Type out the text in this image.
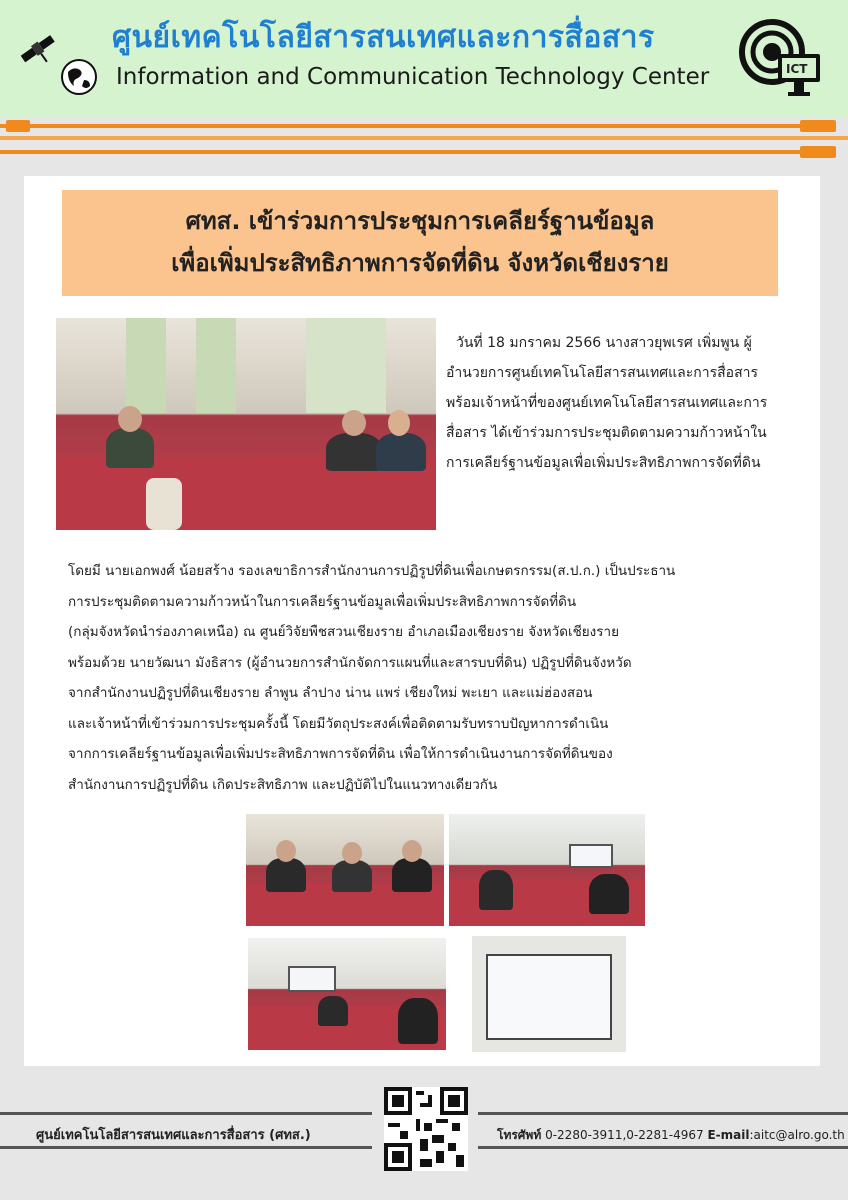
ศูนย์เทคโนโลยีสารสนเทศและการสื่อสาร
Information and Communication Technology Center	ICT
ศทส. เข้าร่วมการประชุมการเคลียร์ฐานข้อมูล
เพื่อเพิ่มประสิทธิภาพการจัดที่ดิน จังหวัดเชียงราย
วันที่ 18 มกราคม 2566 นางสาวยุพเรศ เพิ่มพูน ผู้อำนวยการศูนย์เทคโนโลยีสารสนเทศและการสื่อสาร พร้อมเจ้าหน้าที่ของศูนย์เทคโนโลยีสารสนเทศและการสื่อสาร ได้เข้าร่วมการประชุมติดตามความก้าวหน้าในการเคลียร์ฐานข้อมูลเพื่อเพิ่มประสิทธิภาพการจัดที่ดิน
โดยมี นายเอกพงศ์ น้อยสร้าง รองเลขาธิการสำนักงานการปฏิรูปที่ดินเพื่อเกษตรกรรม(ส.ป.ก.) เป็นประธาน
การประชุมติดตามความก้าวหน้าในการเคลียร์ฐานข้อมูลเพื่อเพิ่มประสิทธิภาพการจัดที่ดิน
(กลุ่มจังหวัดนำร่องภาคเหนือ) ณ ศูนย์วิจัยพืชสวนเชียงราย อำเภอเมืองเชียงราย จังหวัดเชียงราย
พร้อมด้วย นายวัฒนา มังธิสาร (ผู้อำนวยการสำนักจัดการแผนที่และสารบบที่ดิน) ปฏิรูปที่ดินจังหวัด
จากสำนักงานปฏิรูปที่ดินเชียงราย ลำพูน ลำปาง น่าน แพร่ เชียงใหม่ พะเยา และแม่ฮ่องสอน
และเจ้าหน้าที่เข้าร่วมการประชุมครั้งนี้ โดยมีวัตถุประสงค์เพื่อติดตามรับทราบปัญหาการดำเนิน
จากการเคลียร์ฐานข้อมูลเพื่อเพิ่มประสิทธิภาพการจัดที่ดิน เพื่อให้การดำเนินงานการจัดที่ดินของ
สำนักงานการปฏิรูปที่ดิน เกิดประสิทธิภาพ และปฏิบัติไปในแนวทางเดียวกัน
ศูนย์เทคโนโลยีสารสนเทศและการสื่อสาร (ศทส.)	โทรศัพท์ 0-2280-3911,0-2281-4967 E-mail:aitc@alro.go.th
